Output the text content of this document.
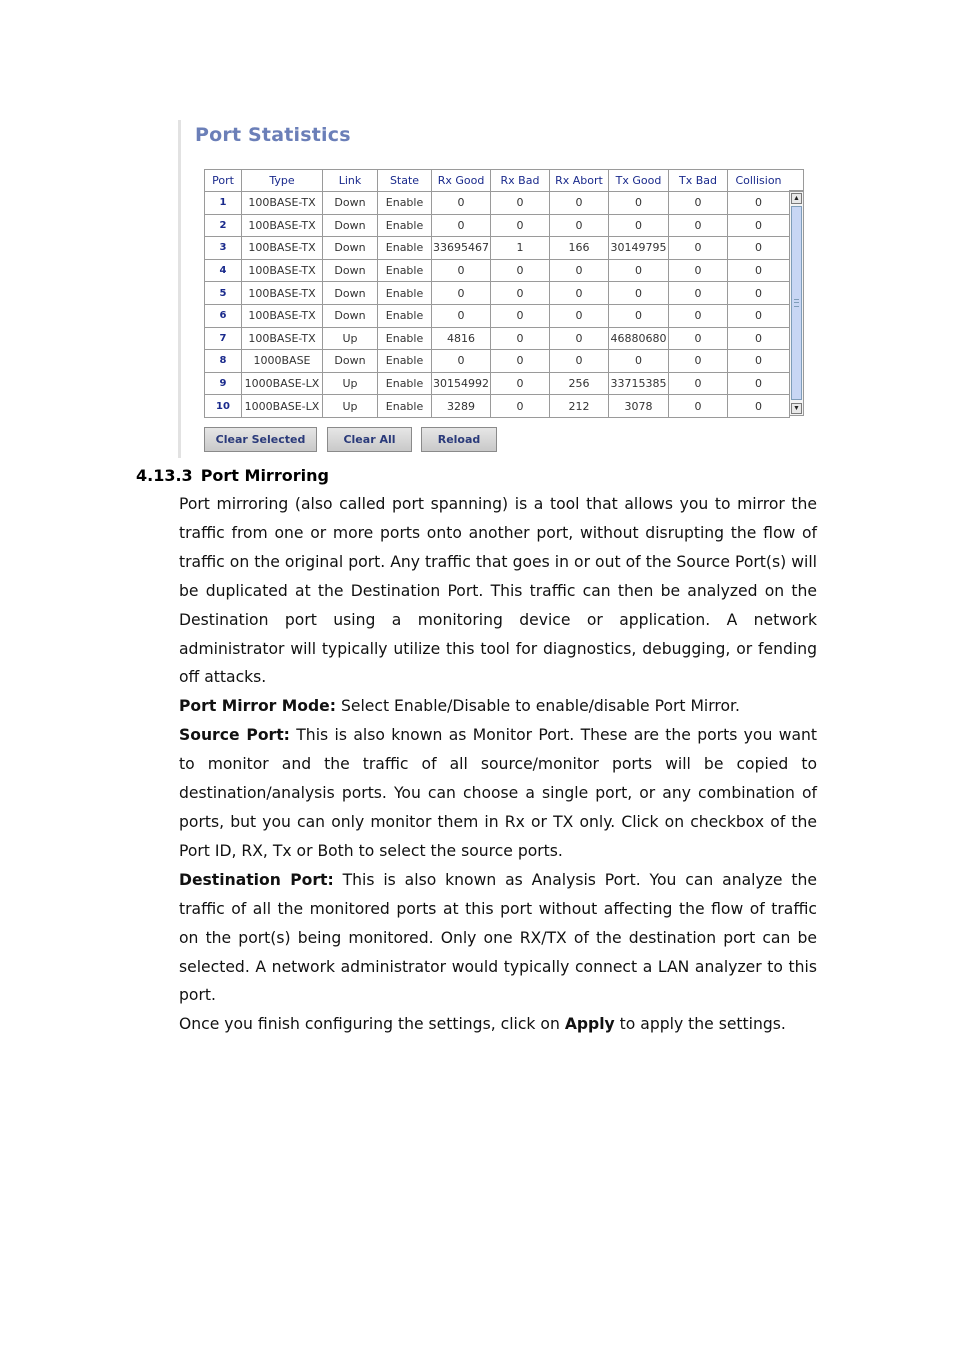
Port Statistics
Port	Type	Link	State	Rx Good	Rx Bad	Rx Abort	Tx Good	Tx Bad	Collision
1	100BASE-TX	Down	Enable	0	0	0	0	0	0
2	100BASE-TX	Down	Enable	0	0	0	0	0	0
3	100BASE-TX	Down	Enable	33695467	1	166	30149795	0	0
4	100BASE-TX	Down	Enable	0	0	0	0	0	0
5	100BASE-TX	Down	Enable	0	0	0	0	0	0
6	100BASE-TX	Down	Enable	0	0	0	0	0	0
7	100BASE-TX	Up	Enable	4816	0	0	46880680	0	0
8	1000BASE	Down	Enable	0	0	0	0	0	0
9	1000BASE-LX	Up	Enable	30154992	0	256	33715385	0	0
10	1000BASE-LX	Up	Enable	3289	0	212	3078	0	0
▲
▼
Clear Selected	Clear All	Reload
4.13.3 Port Mirroring

Port mirroring (also called port spanning) is a tool that allows you to mirror the traffic from one or more ports onto another port, without disrupting the flow of traffic on the original port. Any traffic that goes in or out of the Source Port(s) will be duplicated at the Destination Port. This traffic can then be analyzed on the Destination port using a monitoring device or application. A network administrator will typically utilize this tool for diagnostics, debugging, or fending off attacks.

Port Mirror Mode: Select Enable/Disable to enable/disable Port Mirror.

Source Port: This is also known as Monitor Port. These are the ports you want to monitor and the traffic of all source/monitor ports will be copied to destination/analysis ports. You can choose a single port, or any combination of ports, but you can only monitor them in Rx or TX only. Click on checkbox of the Port ID, RX, Tx or Both to select the source ports.

Destination Port: This is also known as Analysis Port. You can analyze the traffic of all the monitored ports at this port without affecting the flow of traffic on the port(s) being monitored. Only one RX/TX of the destination port can be selected. A network administrator would typically connect a LAN analyzer to this port.

Once you finish configuring the settings, click on Apply to apply the settings.
